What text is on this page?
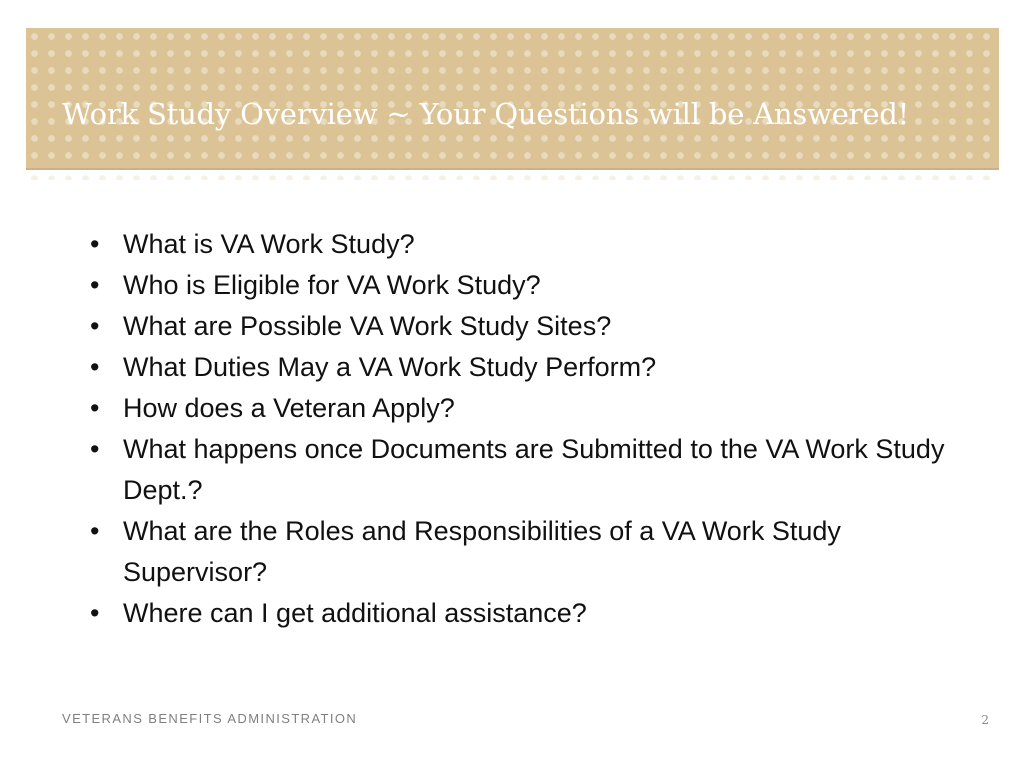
Work Study Overview ~ Your Questions will be Answered!
• What is VA Work Study?
• Who is Eligible for VA Work Study?
• What are Possible VA Work Study Sites?
• What Duties May a VA Work Study Perform?
• How does a Veteran Apply?
• What happens once Documents are Submitted to the VA Work Study Dept.?
• What are the Roles and Responsibilities of a VA Work Study Supervisor?
• Where can I get additional assistance?
VETERANS BENEFITS ADMINISTRATION	2
